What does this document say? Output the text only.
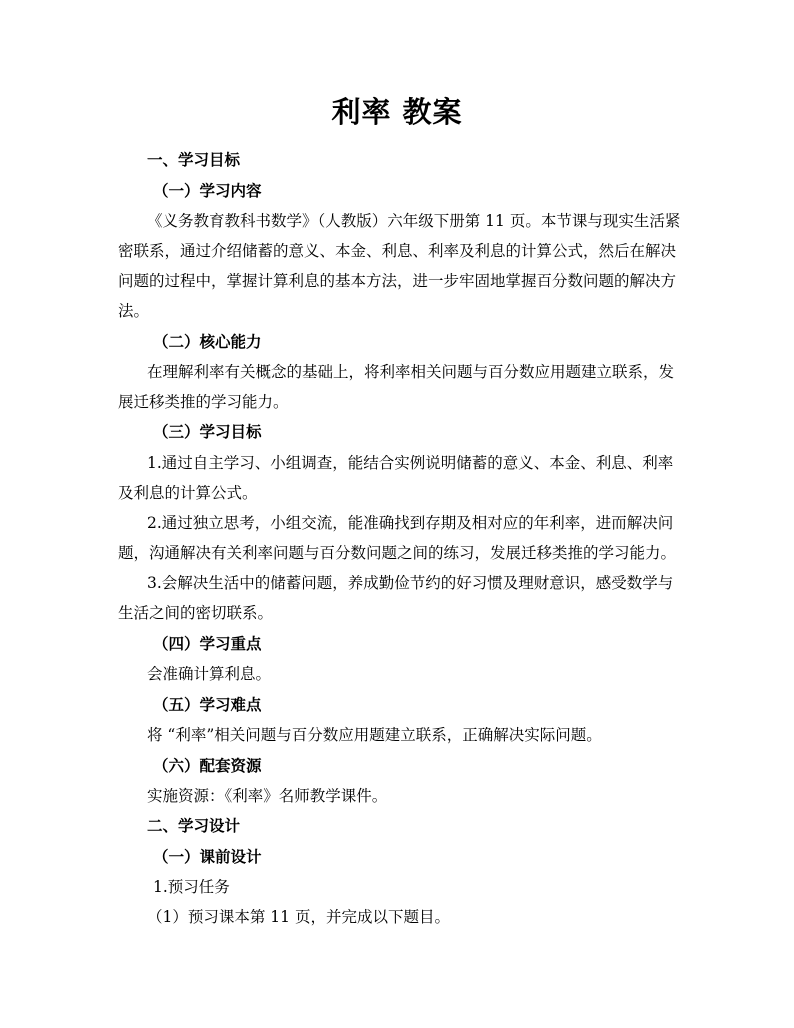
利率 教案
一、学习目标
（一）学习内容
《义务教育教科书数学》（人教版）六年级下册第 11 页。本节课与现实生活紧
密联系，通过介绍储蓄的意义、本金、利息、利率及利息的计算公式，然后在解决
问题的过程中，掌握计算利息的基本方法，进一步牢固地掌握百分数问题的解决方
法。
（二）核心能力
在理解利率有关概念的基础上，将利率相关问题与百分数应用题建立联系，发
展迁移类推的学习能力。
（三）学习目标
1.通过自主学习、小组调查，能结合实例说明储蓄的意义、本金、利息、利率
及利息的计算公式。
2.通过独立思考，小组交流，能准确找到存期及相对应的年利率，进而解决问
题，沟通解决有关利率问题与百分数问题之间的练习，发展迁移类推的学习能力。
3.会解决生活中的储蓄问题，养成勤俭节约的好习惯及理财意识，感受数学与
生活之间的密切联系。
（四）学习重点
会准确计算利息。
（五）学习难点
将 “利率”相关问题与百分数应用题建立联系，正确解决实际问题。
（六）配套资源
实施资源：《利率》名师教学课件。
二、学习设计
（一）课前设计
1.预习任务
（1）预习课本第 11 页，并完成以下题目。
